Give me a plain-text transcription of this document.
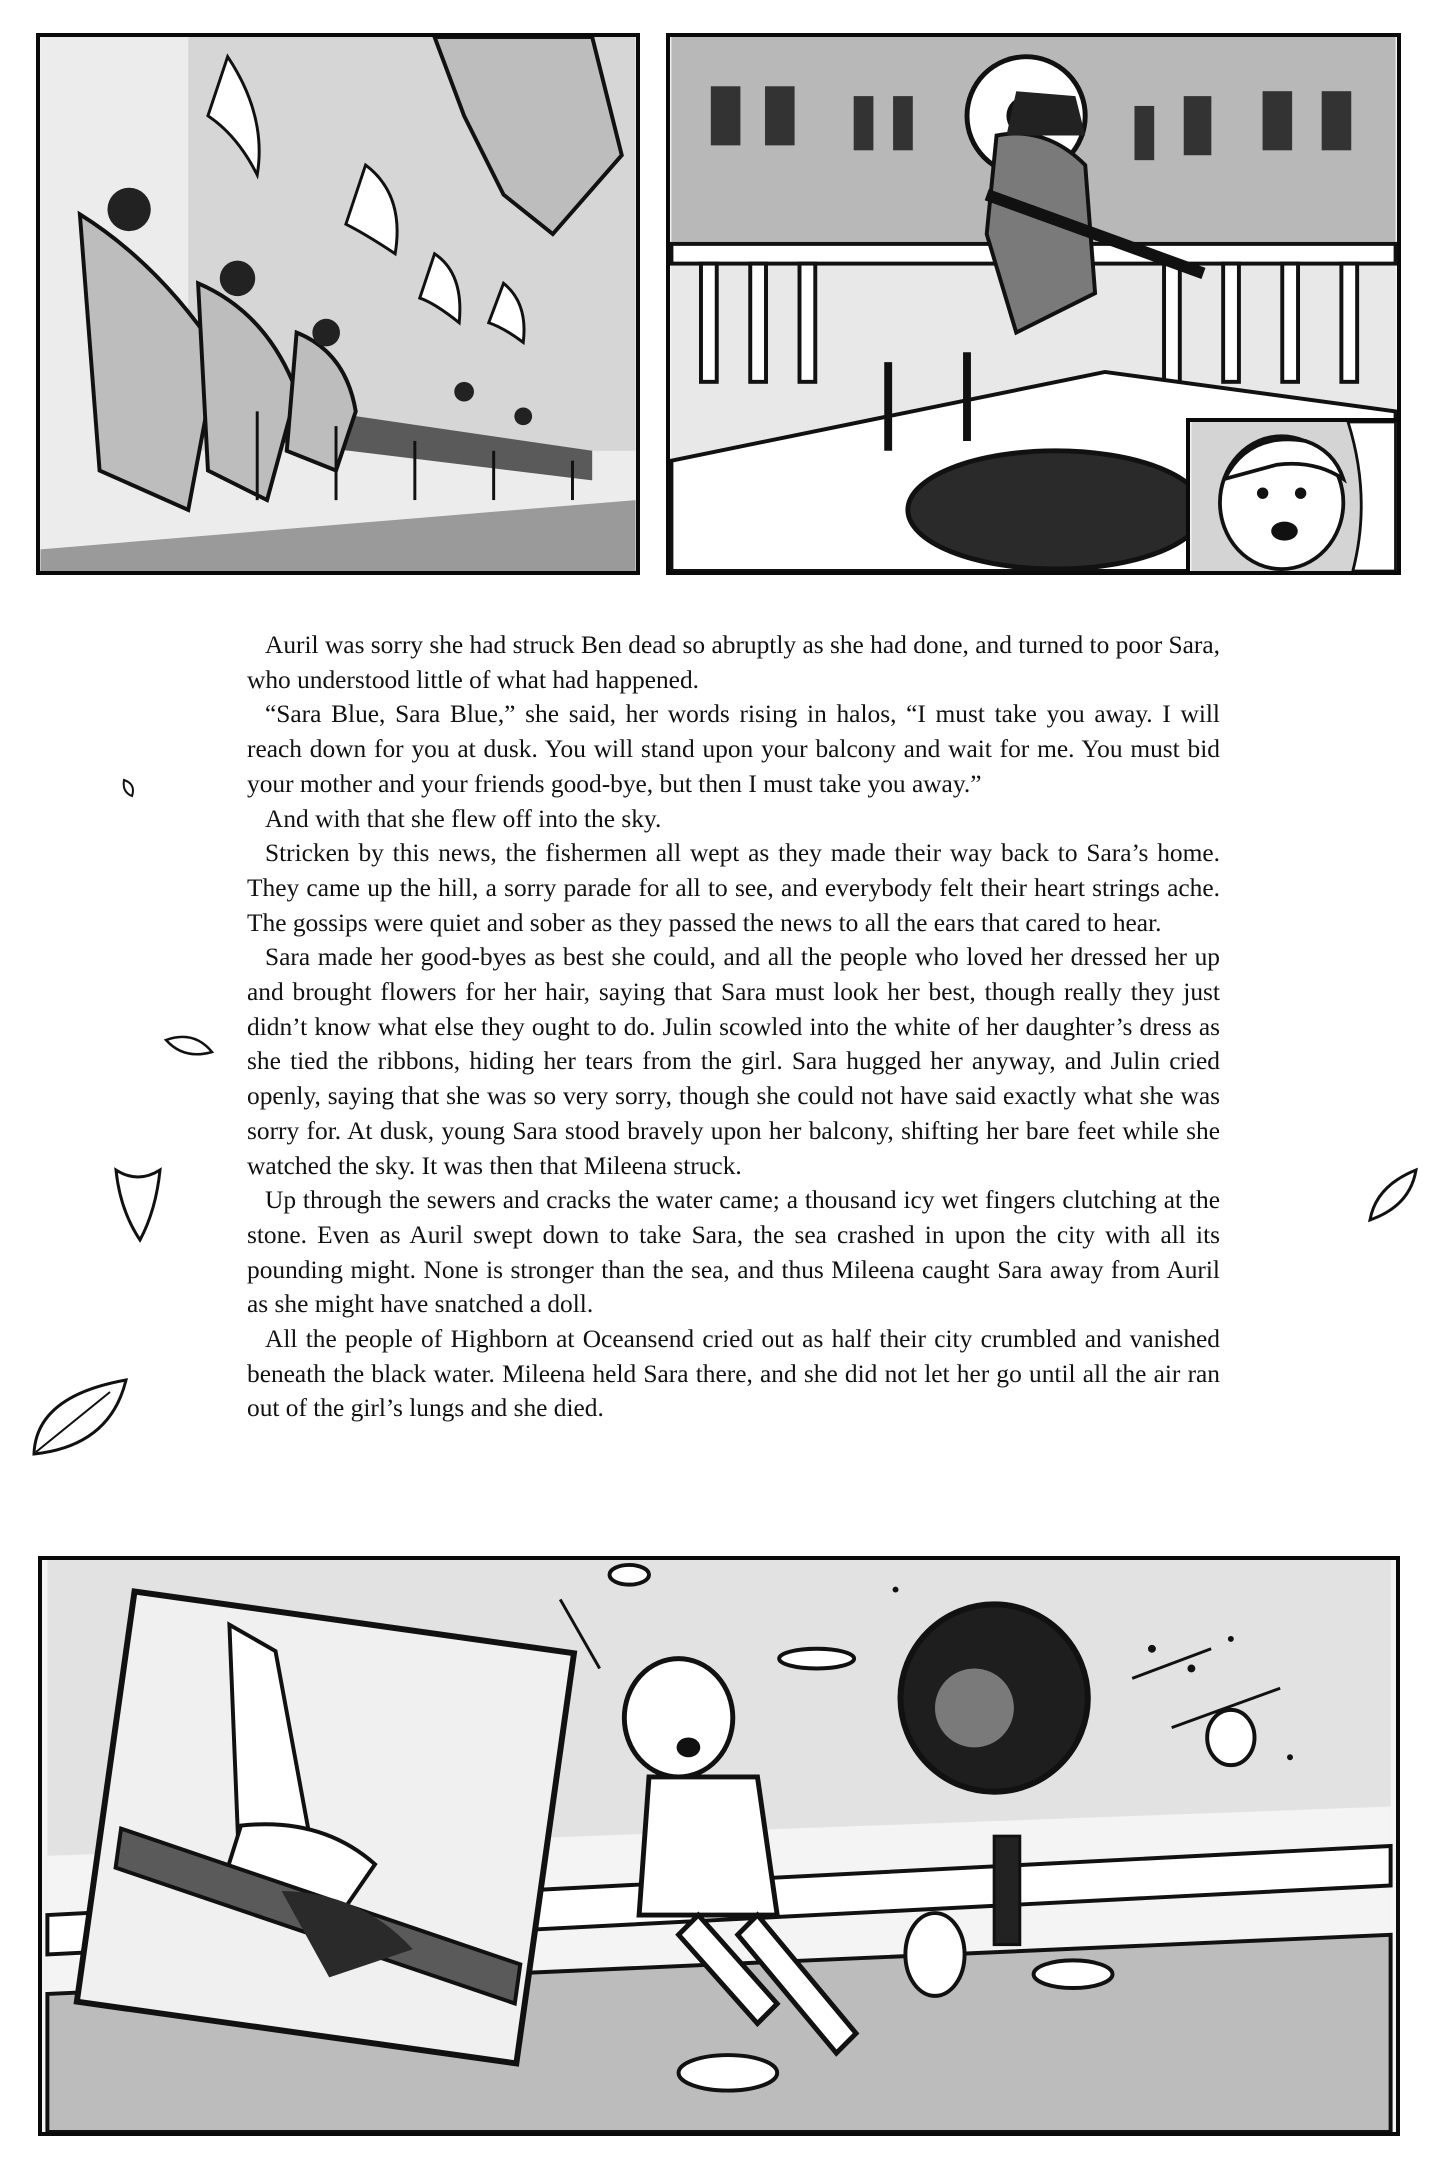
Auril was sorry she had struck Ben dead so abruptly as she had done, and turned to poor Sara, who understood little of what had happened.

“Sara Blue, Sara Blue,” she said, her words rising in halos, “I must take you away. I will reach down for you at dusk. You will stand upon your balcony and wait for me. You must bid your mother and your friends good-bye, but then I must take you away.”

And with that she flew off into the sky.

Stricken by this news, the fishermen all wept as they made their way back to Sara’s home. They came up the hill, a sorry parade for all to see, and everybody felt their heart strings ache. The gossips were quiet and sober as they passed the news to all the ears that cared to hear.

Sara made her good-byes as best she could, and all the people who loved her dressed her up and brought flowers for her hair, saying that Sara must look her best, though really they just didn’t know what else they ought to do. Julin scowled into the white of her daughter’s dress as she tied the ribbons, hiding her tears from the girl. Sara hugged her anyway, and Julin cried openly, saying that she was so very sorry, though she could not have said exactly what she was sorry for. At dusk, young Sara stood bravely upon her balcony, shifting her bare feet while she watched the sky. It was then that Mileena struck.

Up through the sewers and cracks the water came; a thousand icy wet fingers clutching at the stone. Even as Auril swept down to take Sara, the sea crashed in upon the city with all its pounding might. None is stronger than the sea, and thus Mileena caught Sara away from Auril as she might have snatched a doll.

All the people of Highborn at Oceansend cried out as half their city crumbled and vanished beneath the black water. Mileena held Sara there, and she did not let her go until all the air ran out of the girl’s lungs and she died.
